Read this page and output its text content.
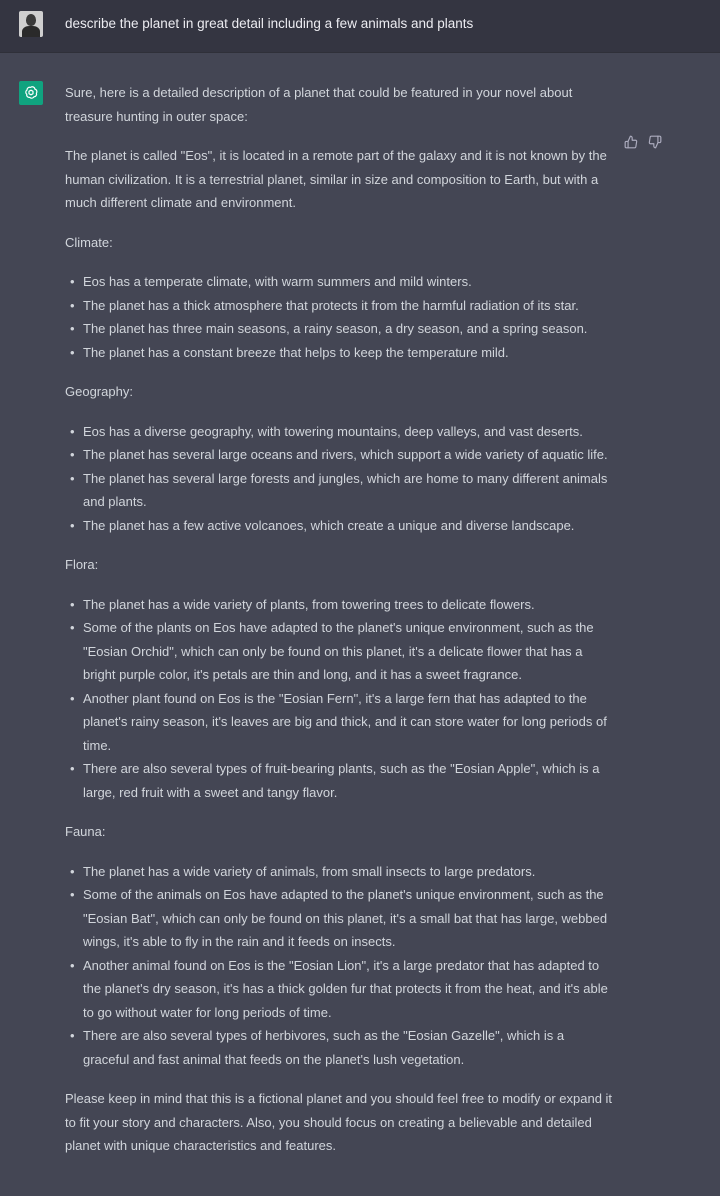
describe the planet in great detail including a few animals and plants

Sure, here is a detailed description of a planet that could be featured in your novel about treasure hunting in outer space:

The planet is called "Eos", it is located in a remote part of the galaxy and it is not known by the human civilization. It is a terrestrial planet, similar in size and composition to Earth, but with a much different climate and environment.

Climate:
• Eos has a temperate climate, with warm summers and mild winters.
• The planet has a thick atmosphere that protects it from the harmful radiation of its star.
• The planet has three main seasons, a rainy season, a dry season, and a spring season.
• The planet has a constant breeze that helps to keep the temperature mild.
Geography:
• Eos has a diverse geography, with towering mountains, deep valleys, and vast deserts.
• The planet has several large oceans and rivers, which support a wide variety of aquatic life.
• The planet has several large forests and jungles, which are home to many different animals and plants.
• The planet has a few active volcanoes, which create a unique and diverse landscape.
Flora:
• The planet has a wide variety of plants, from towering trees to delicate flowers.
• Some of the plants on Eos have adapted to the planet's unique environment, such as the "Eosian Orchid", which can only be found on this planet, it's a delicate flower that has a bright purple color, it's petals are thin and long, and it has a sweet fragrance.
• Another plant found on Eos is the "Eosian Fern", it's a large fern that has adapted to the planet's rainy season, it's leaves are big and thick, and it can store water for long periods of time.
• There are also several types of fruit-bearing plants, such as the "Eosian Apple", which is a large, red fruit with a sweet and tangy flavor.
Fauna:
• The planet has a wide variety of animals, from small insects to large predators.
• Some of the animals on Eos have adapted to the planet's unique environment, such as the "Eosian Bat", which can only be found on this planet, it's a small bat that has large, webbed wings, it's able to fly in the rain and it feeds on insects.
• Another animal found on Eos is the "Eosian Lion", it's a large predator that has adapted to the planet's dry season, it's has a thick golden fur that protects it from the heat, and it's able to go without water for long periods of time.
• There are also several types of herbivores, such as the "Eosian Gazelle", which is a graceful and fast animal that feeds on the planet's lush vegetation.

Please keep in mind that this is a fictional planet and you should feel free to modify or expand it to fit your story and characters. Also, you should focus on creating a believable and detailed planet with unique characteristics and features.
